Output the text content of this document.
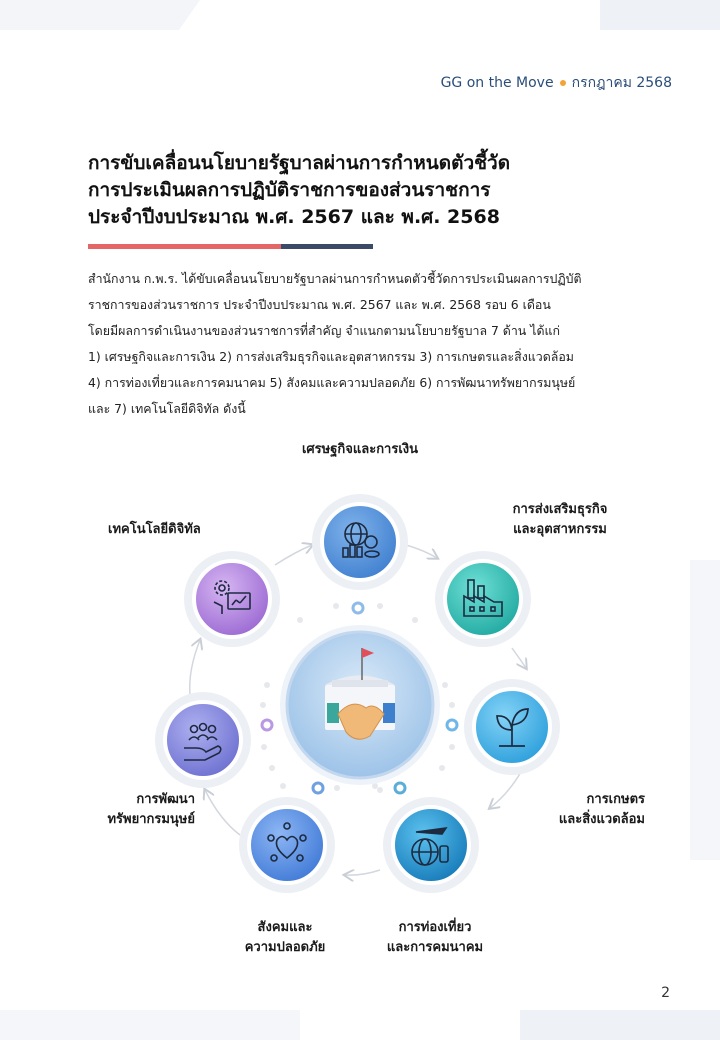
GG on the Move กรกฎาคม 2568
การขับเคลื่อนนโยบายรัฐบาลผ่านการกำหนดตัวชี้วัด
การประเมินผลการปฏิบัติราชการของส่วนราชการ
ประจำปีงบประมาณ พ.ศ. 2567 และ พ.ศ. 2568
สำนักงาน ก.พ.ร. ได้ขับเคลื่อนนโยบายรัฐบาลผ่านการกำหนดตัวชี้วัดการประเมินผลการปฏิบัติ
ราชการของส่วนราชการ ประจำปีงบประมาณ พ.ศ. 2567 และ พ.ศ. 2568 รอบ 6 เดือน
โดยมีผลการดำเนินงานของส่วนราชการที่สำคัญ จำแนกตามนโยบายรัฐบาล 7 ด้าน ได้แก่
1) เศรษฐกิจและการเงิน 2) การส่งเสริมธุรกิจและอุตสาหกรรม 3) การเกษตรและสิ่งแวดล้อม
4) การท่องเที่ยวและการคมนาคม 5) สังคมและความปลอดภัย 6) การพัฒนาทรัพยากรมนุษย์
และ 7) เทคโนโลยีดิจิทัล ดังนี้
เศรษฐกิจและการเงิน
การส่งเสริมธุรกิจ
และอุตสาหกรรม
การเกษตร
และสิ่งแวดล้อม
การท่องเที่ยว
และการคมนาคม
สังคมและ
ความปลอดภัย
การพัฒนา
ทรัพยากรมนุษย์
เทคโนโลยีดิจิทัล
2
